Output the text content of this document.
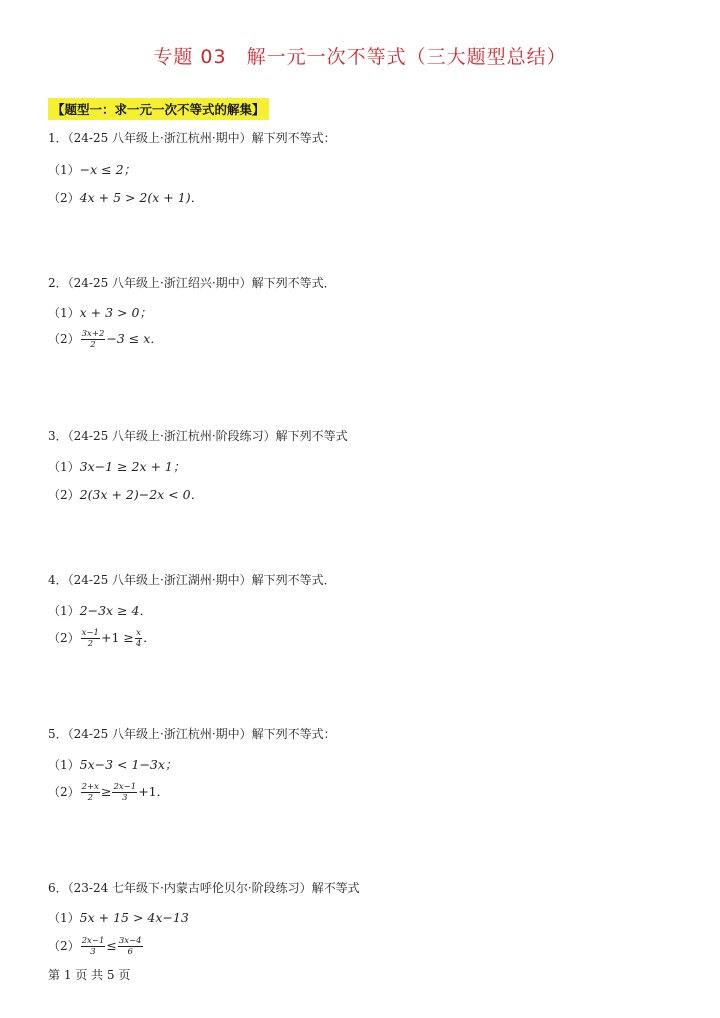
专题 03　解一元一次不等式（三大题型总结）
【题型一：求一元一次不等式的解集】
1．（24-25 八年级上·浙江杭州·期中）解下列不等式：
（1）−x ≤ 2；
（2）4x + 5 > 2(x + 1)．
2．（24-25 八年级上·浙江绍兴·期中）解下列不等式．
（1）x + 3 > 0；
$(2) \frac{3x+2}{2} -3 \le x$．
3．（24-25 八年级上·浙江杭州·阶段练习）解下列不等式
（1）3x−1 ≥ 2x + 1；
（2）2(3x + 2)−2x < 0．
4．（24-25 八年级上·浙江湖州·期中）解下列不等式．
（1）2−3x ≥ 4．
$(2) \frac{x-1}{2} +1 \ge \frac{x}{4}$ ．
5．（24-25 八年级上·浙江杭州·期中）解下列不等式：
（1）5x−3 < 1−3x；
$(2) \frac{2+x}{2} \ge \frac{2x-1}{3} +1$．
6．（23-24 七年级下·内蒙古呼伦贝尔·阶段练习）解不等式
（1）5x + 15 > 4x−13
$(2) \frac{2x-1}{3} \le \frac{3x-4}{6}$
第 1 页 共 5 页
